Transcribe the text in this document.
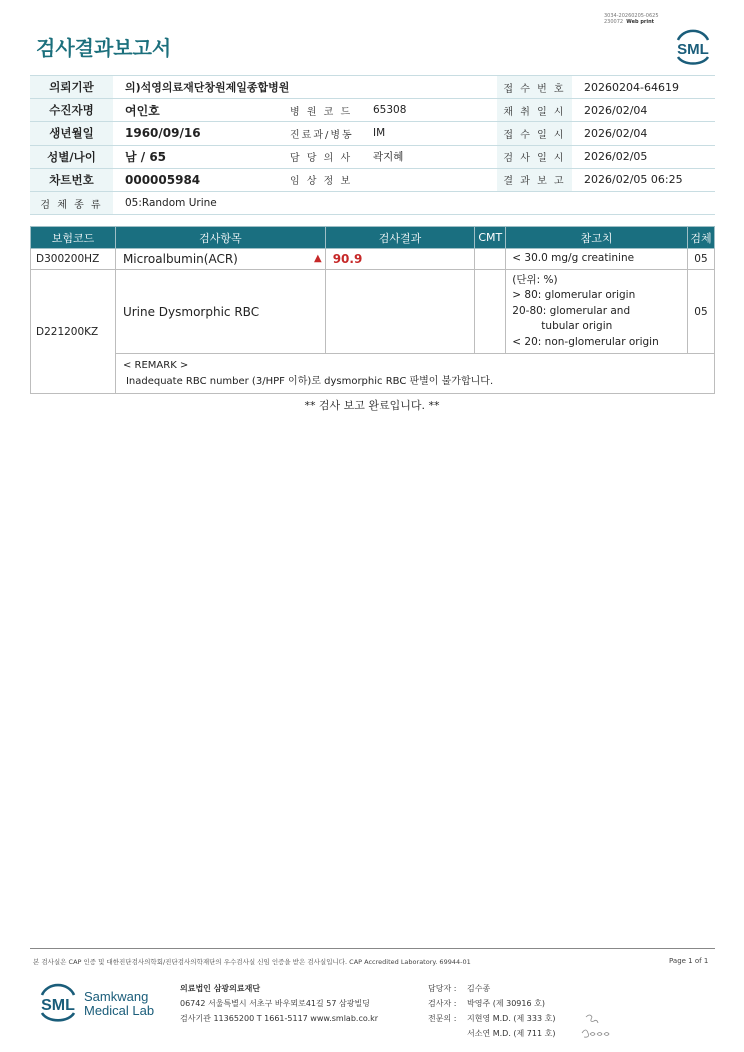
3034-20260205-0625
230072 Web print
검사결과보고서	SML
의뢰기관	의)석영의료재단창원제일종합병원			접 수 번 호	20260204-64619
수진자명	여인호	병 원 코 드	65308	채 취 일 시	2026/02/04
생년월일	1960/09/16	진료과/병동	IM	접 수 일 시	2026/02/04
성별/나이	남 / 65	담 당 의 사	곽지혜	검 사 일 시	2026/02/05
차트번호	000005984	임 상 정 보		결 과 보 고	2026/02/05 06:25
검 체 종 류	05:Random Urine				
보험코드	검사항목	검사결과	CMT	참고치	검체
D300200HZ	Microalbumin(ACR) ▲	90.9		< 30.0 mg/g creatinine	05
D221200KZ	Urine Dysmorphic RBC			(단위: %)
> 80: glomerular origin
20-80: glomerular and
tubular origin
< 20: non-glomerular origin	05

	< REMARK >
Inadequate RBC number (3/HPF 이하)로 dysmorphic RBC 판별이 불가합니다.				
** 검사 보고 완료입니다. **
본 검사실은 CAP 인증 및 대한진단검사의학회/진단검사의학재단의 우수검사실 신임 인증을 받은 검사실입니다. CAP Accredited Laboratory. 69944-01	Page 1 of 1
SML
Samkwang
Medical Lab
의료법인 삼광의료재단
06742 서울특별시 서초구 바우뫼로41길 57 삼광빌딩
검사기관 11365200 T 1661-5117 www.smlab.co.kr
담당자 : 김수종
검사자 : 박영주 (제 30916 호)
전문의 : 지현영 M.D. (제 333 호)
서소연 M.D. (제 711 호)
